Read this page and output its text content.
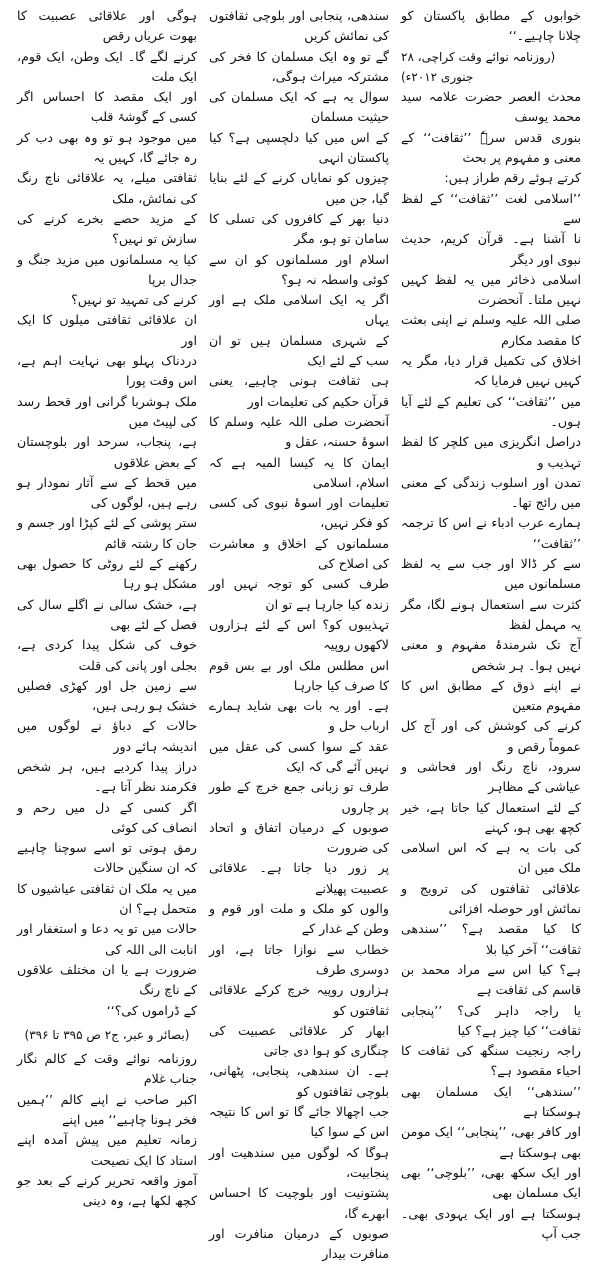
خوابوں کے مطابق پاکستان کو چلانا چاہیے۔‘‘
(روزنامہ نوائے وقت کراچی، ۲۸ جنوری ۲۰۱۲ء)
محدث العصر حضرت علامہ سید محمد یوسف
بنوری قدس سرہٗ ’’ثقافت‘‘ کے معنی و مفہوم پر بحث
کرتے ہوئے رقم طراز ہیں:
’’اسلامی لغت ’’ثقافت‘‘ کے لفظ سے
نا آشنا ہے۔ قرآن کریم، حدیث نبوی اور دیگر
اسلامی ذخائر میں یہ لفظ کہیں نہیں ملتا۔ آنحضرت
صلی اللہ علیہ وسلم نے اپنی بعثت کا مقصد مکارم
اخلاق کی تکمیل قرار دیا، مگر یہ کہیں نہیں فرمایا کہ
میں ’’ثقافت‘‘ کی تعلیم کے لئے آیا ہوں۔
دراصل انگریزی میں کلچر کا لفظ تہذیب و
تمدن اور اسلوب زندگی کے معنی میں رائج تھا۔
ہمارے عرب ادباء نے اس کا ترجمہ ’’ثقافت‘‘
سے کر ڈالا اور جب سے یہ لفظ مسلمانوں میں
کثرت سے استعمال ہونے لگا، مگر یہ مہمل لفظ
آج تک شرمندۂ مفہوم و معنی نہیں ہوا۔ ہر شخص
نے اپنے ذوق کے مطابق اس کا مفہوم متعین
کرنے کی کوشش کی اور آج کل عموماً رقص و
سرود، ناچ رنگ اور فحاشی و عیاشی کے مظاہر
کے لئے استعمال کیا جاتا ہے، خیر کچھ بھی ہو، کہنے
کی بات یہ ہے کہ اس اسلامی ملک میں ان
علاقائی ثقافتوں کی ترویج و نمائش اور حوصلہ افزائی
کا کیا مقصد ہے؟ ’’سندھی ثقافت‘‘ آخر کیا بلا
ہے؟ کیا اس سے مراد محمد بن قاسم کی ثقافت ہے
یا راجہ داہر کی؟ ’’پنجابی ثقافت‘‘ کیا چیز ہے؟ کیا
راجہ رنجیت سنگھ کی ثقافت کا احیاء مقصود ہے؟
’’سندھی‘‘ ایک مسلمان بھی ہوسکتا ہے
اور کافر بھی، ’’پنجابی‘‘ ایک مومن بھی ہوسکتا ہے
اور ایک سکھ بھی، ’’بلوچی‘‘ بھی ایک مسلمان بھی
ہوسکتا ہے اور ایک یہودی بھی۔ جب آپ
سندھی، پنجابی اور بلوچی ثقافتوں کی نمائش کریں
گے تو وہ ایک مسلمان کا فخر کی مشترکہ میراث ہوگی،
سوال یہ ہے کہ ایک مسلمان کی حیثیت مسلمان
کے اس میں کیا دلچسپی ہے؟ کیا پاکستان انہی
چیزوں کو نمایاں کرنے کے لئے بنایا گیا، جن میں
دنیا بھر کے کافروں کی تسلی کا سامان تو ہو، مگر
اسلام اور مسلمانوں کو ان سے کوئی واسطہ نہ ہو؟
اگر یہ ایک اسلامی ملک ہے اور یہاں
کے شہری مسلمان ہیں تو ان سب کے لئے ایک
ہی ثقافت ہونی چاہیے، یعنی قرآن حکیم کی تعلیمات اور
آنحضرت صلی اللہ علیہ وسلم کا اسوۂ حسنہ، عقل و
ایمان کا یہ کیسا المیہ ہے کہ اسلام، اسلامی
تعلیمات اور اسوۂ نبوی کی کسی کو فکر نہیں،
مسلمانوں کے اخلاق و معاشرت کی اصلاح کی
طرف کسی کو توجہ نہیں اور زندہ کیا جارہا ہے تو ان
تہذیبوں کو؟ اس کے لئے ہزاروں لاکھوں روپیہ
اس مطلس ملک اور بے بس قوم کا صرف کیا جارہا
ہے۔ اور یہ بات بھی شاید ہمارے ارباب حل و
عقد کے سوا کسی کی عقل میں نہیں آئے گی کہ ایک
طرف تو زبانی جمع خرچ کے طور پر چاروں
صوبوں کے درمیان اتفاق و اتحاد کی ضرورت
پر زور دیا جاتا ہے۔ علاقائی عصبیت پھیلانے
والوں کو ملک و ملت اور قوم و وطن کے غدار کے
خطاب سے نوازا جاتا ہے، اور دوسری طرف
ہزاروں روپیہ خرچ کرکے علاقائی ثقافتوں کو
ابھار کر علاقائی عصبیت کی چنگاری کو ہوا دی جاتی
ہے۔ ان سندھی، پنجابی، پٹھانی، بلوچی ثقافتوں کو
جب اچھالا جائے گا تو اس کا نتیجہ اس کے سوا کیا
ہوگا کہ لوگوں میں سندھیت اور پنجابیت،
پشتونیت اور بلوچیت کا احساس ابھرے گا،
صوبوں کے درمیان منافرت اور منافرت بیدار
ہوگی اور علاقائی عصبیت کا بھوت عریاں رقص
کرنے لگے گا۔ ایک وطن، ایک قوم، ایک ملت
اور ایک مقصد کا احساس اگر کسی کے گوشۂ قلب
میں موجود ہو تو وہ بھی دب کر رہ جائے گا، کہیں یہ
ثقافتی میلے، یہ علاقائی ناچ رنگ کی نمائش، ملک
کے مزید حصے بخرے کرنے کی سازش تو نہیں؟
کیا یہ مسلمانوں میں مزید جنگ و جدال برپا
کرنے کی تمہید تو نہیں؟
ان علاقائی ثقافتی میلوں کا ایک اور
دردناک پہلو بھی نہایت اہم ہے، اس وقت پورا
ملک ہوشربا گرانی اور قحط رسد کی لپیٹ میں
ہے، پنجاب، سرحد اور بلوچستان کے بعض علاقوں
میں قحط کے سے آثار نمودار ہو رہے ہیں، لوگوں کی
ستر پوشی کے لئے کپڑا اور جسم و جان کا رشتہ قائم
رکھنے کے لئے روٹی کا حصول بھی مشکل ہو رہا
ہے، خشک سالی نے اگلے سال کی فصل کے لئے بھی
خوف کی شکل پیدا کردی ہے، بجلی اور پانی کی قلت
سے زمین جل اور کھڑی فصلیں خشک ہو رہی ہیں،
حالات کے دباؤ نے لوگوں میں اندیشہ ہائے دور
دراز پیدا کردیے ہیں، ہر شخص فکرمند نظر آتا ہے۔
اگر کسی کے دل میں رحم و انصاف کی کوئی
رمق ہوتی تو اسے سوچنا چاہیے کہ ان سنگین حالات
میں یہ ملک ان ثقافتی عیاشیوں کا متحمل ہے؟ ان
حالات میں تو یہ دعا و استغفار اور انابت الی اللہ کی
ضرورت ہے یا ان مختلف علاقوں کے ناچ رنگ
کے ڈراموں کی؟‘‘
(بصائر و عبر، ج۲ ص ۳۹۵ تا ۳۹۶)
روزنامہ نوائے وقت کے کالم نگار جناب غلام
اکبر صاحب نے اپنے کالم ’’ہمیں فخر ہونا چاہیے‘‘ میں اپنے
زمانہ تعلیم میں پیش آمدہ اپنے استاد کا ایک نصیحت
آموز واقعہ تحریر کرنے کے بعد جو کچھ لکھا ہے، وہ دینی
